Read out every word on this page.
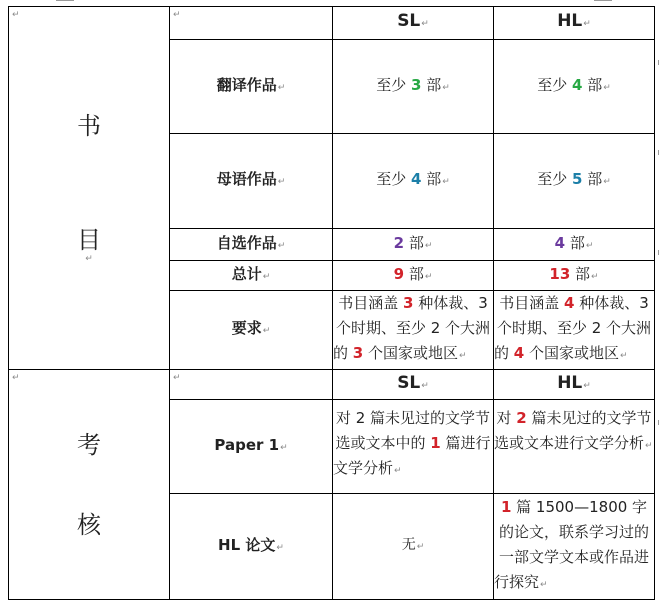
↵
书
目
↵	↵	SL↵	HL↵
	翻译作品↵	至少 3 部↵	至少 4 部↵
	母语作品↵	至少 4 部↵	至少 5 部↵
	自选作品↵	2 部↵	4 部↵
	总计↵	9 部↵	13 部↵
	要求↵	书目涵盖 3 种体裁、3 个时期、至少 2 个大洲的 3 个国家或地区↵	书目涵盖 4 种体裁、3 个时期、至少 2 个大洲的 4 个国家或地区↵

↵
考
核	↵	SL↵	HL↵
	Paper 1↵	对 2 篇未见过的文学节选或文本中的 1 篇进行文学分析↵	对 2 篇未见过的文学节选或文本进行文学分析↵
	HL 论文↵	无↵	1 篇 1500—1800 字的论文，联系学习过的一部文学文本或作品进行探究↵
